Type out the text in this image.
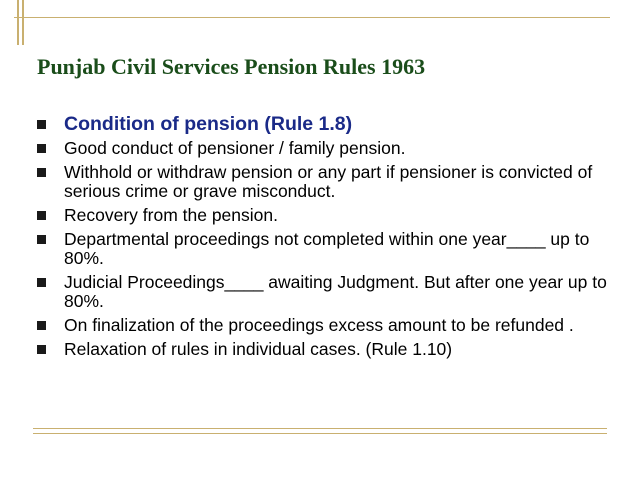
Punjab Civil Services Pension Rules 1963
Condition of pension (Rule 1.8)
Good conduct of pensioner / family pension.
Withhold or withdraw pension or any part if pensioner is convicted of serious crime or grave misconduct.
Recovery from the pension.
Departmental proceedings not completed within one year____ up to 80%.
Judicial Proceedings____ awaiting Judgment. But after one year up to 80%.
On finalization of the proceedings excess amount to be refunded .
Relaxation of rules in individual cases. (Rule 1.10)
